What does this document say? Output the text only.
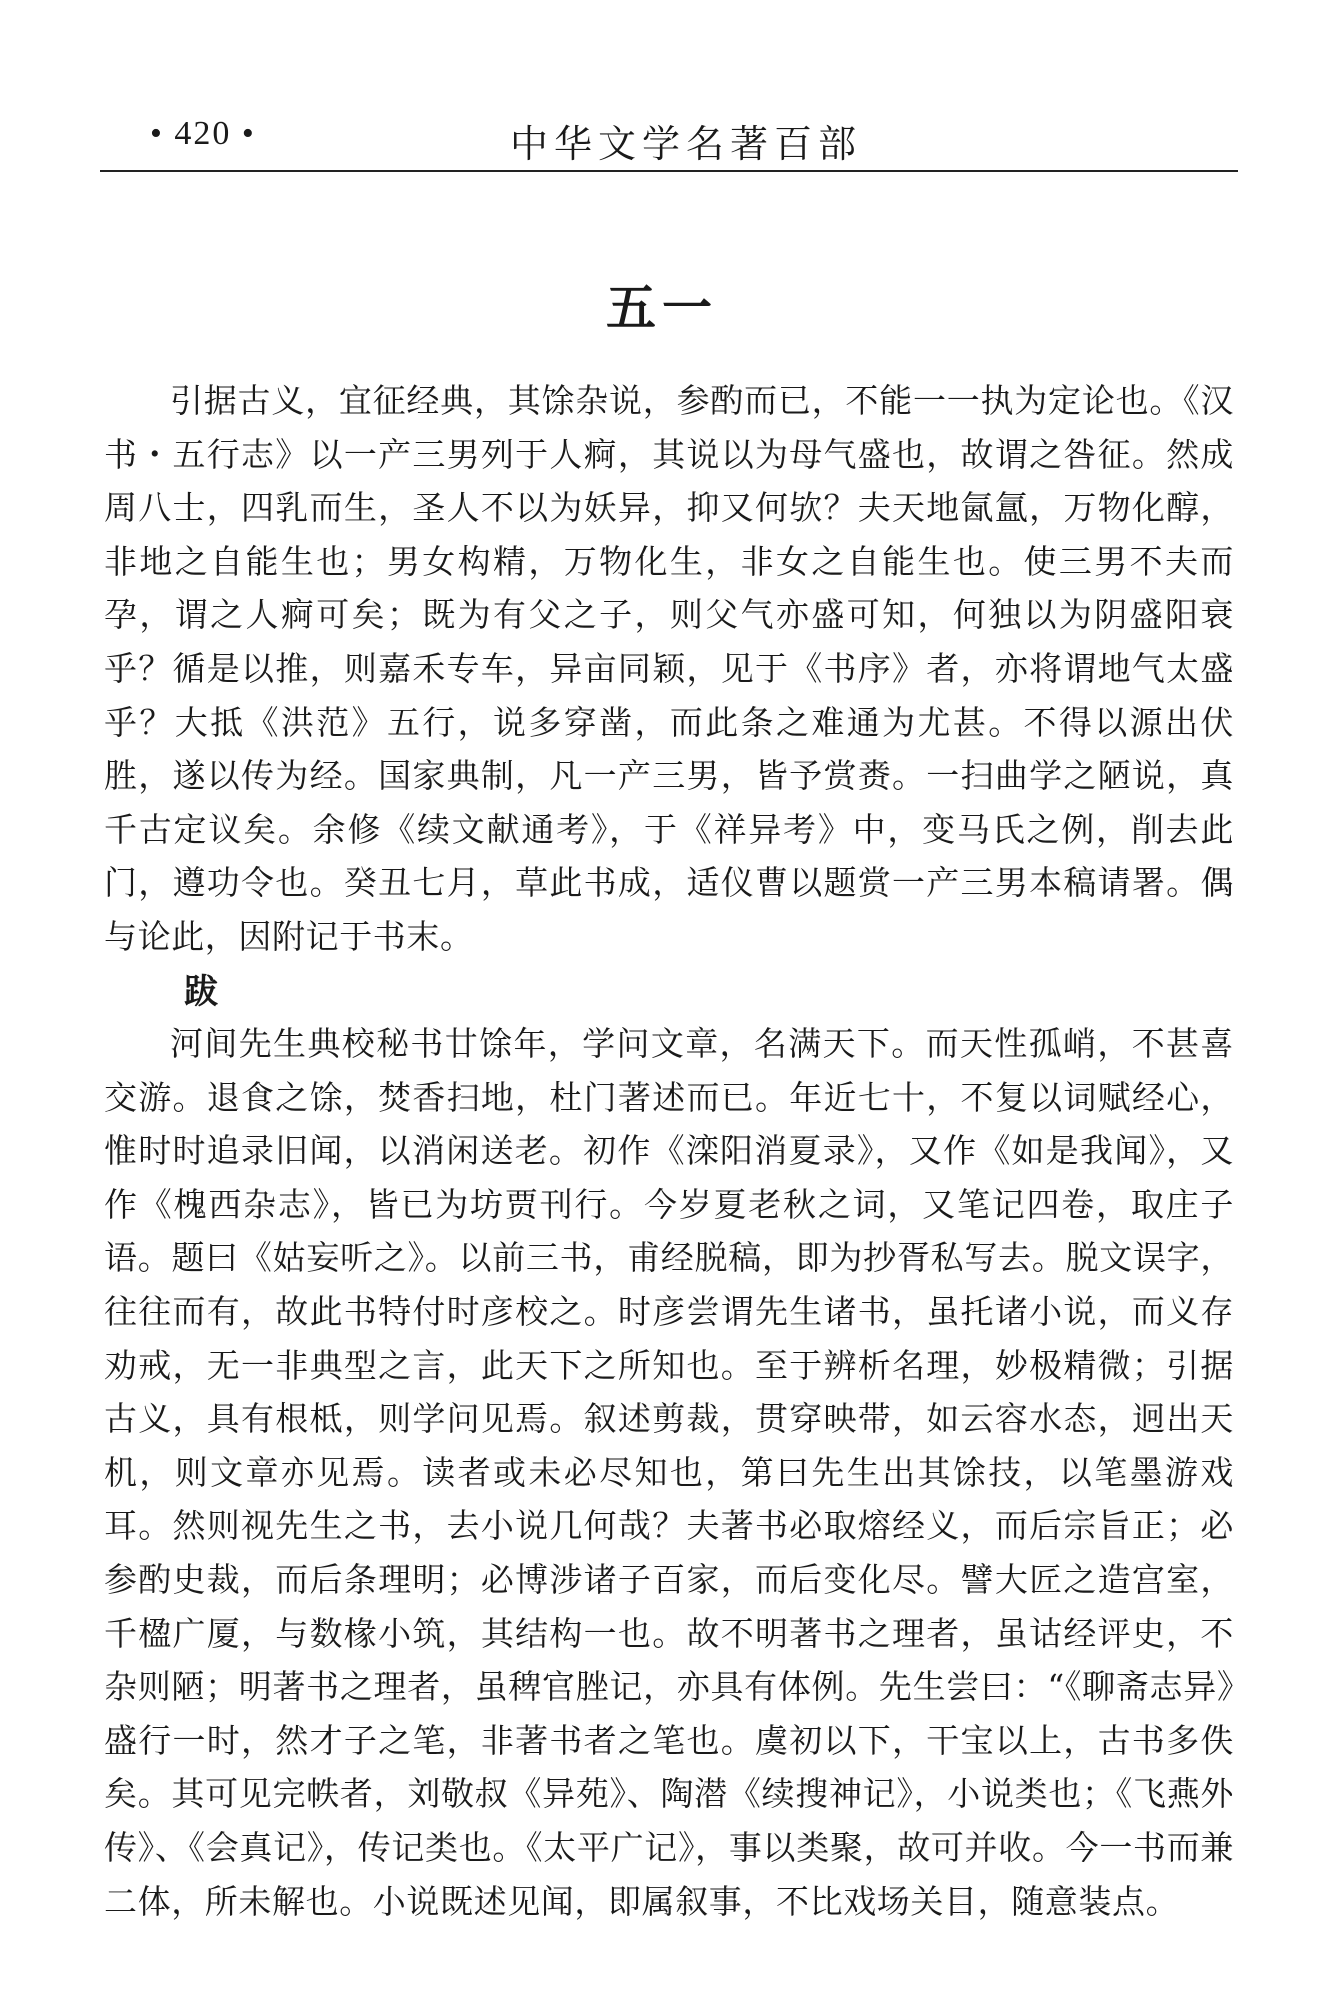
• 420 •	中华文学名著百部
五一

引据古义，宜征经典，其馀杂说，参酌而已，不能一一执为定论也。《汉书・五行志》以一产三男列于人痾，其说以为母气盛也，故谓之咎征。然成周八士，四乳而生，圣人不以为妖异，抑又何欤？夫天地氤氲，万物化醇，非地之自能生也；男女构精，万物化生，非女之自能生也。使三男不夫而孕，谓之人痾可矣；既为有父之子，则父气亦盛可知，何独以为阴盛阳衰乎？循是以推，则嘉禾专车，异亩同颖，见于《书序》者，亦将谓地气太盛乎？大抵《洪范》五行，说多穿凿，而此条之难通为尤甚。不得以源出伏胜，遂以传为经。国家典制，凡一产三男，皆予赏赉。一扫曲学之陋说，真千古定议矣。余修《续文献通考》，于《祥异考》中，变马氏之例，削去此门，遵功令也。癸丑七月，草此书成，适仪曹以题赏一产三男本稿请署。偶与论此，因附记于书末。

跋

河间先生典校秘书廿馀年，学问文章，名满天下。而天性孤峭，不甚喜交游。退食之馀，焚香扫地，杜门著述而已。年近七十，不复以词赋经心，惟时时追录旧闻，以消闲送老。初作《滦阳消夏录》，又作《如是我闻》，又作《槐西杂志》，皆已为坊贾刊行。今岁夏老秋之词，又笔记四卷，取庄子语。题曰《姑妄听之》。以前三书，甫经脱稿，即为抄胥私写去。脱文误字，往往而有，故此书特付时彦校之。时彦尝谓先生诸书，虽托诸小说，而义存劝戒，无一非典型之言，此天下之所知也。至于辨析名理，妙极精微；引据古义，具有根柢，则学问见焉。叙述剪裁，贯穿映带，如云容水态，迥出天机，则文章亦见焉。读者或未必尽知也，第曰先生出其馀技，以笔墨游戏耳。然则视先生之书，去小说几何哉？夫著书必取熔经义，而后宗旨正；必参酌史裁，而后条理明；必博涉诸子百家，而后变化尽。譬大匠之造宫室，千楹广厦，与数椽小筑，其结构一也。故不明著书之理者，虽诂经评史，不杂则陋；明著书之理者，虽稗官脞记，亦具有体例。先生尝曰：“《聊斋志异》盛行一时，然才子之笔，非著书者之笔也。虞初以下，干宝以上，古书多佚矣。其可见完帙者，刘敬叔《异苑》、陶潜《续搜神记》，小说类也；《飞燕外传》、《会真记》，传记类也。《太平广记》，事以类聚，故可并收。今一书而兼二体，所未解也。小说既述见闻，即属叙事，不比戏场关目，随意装点。
